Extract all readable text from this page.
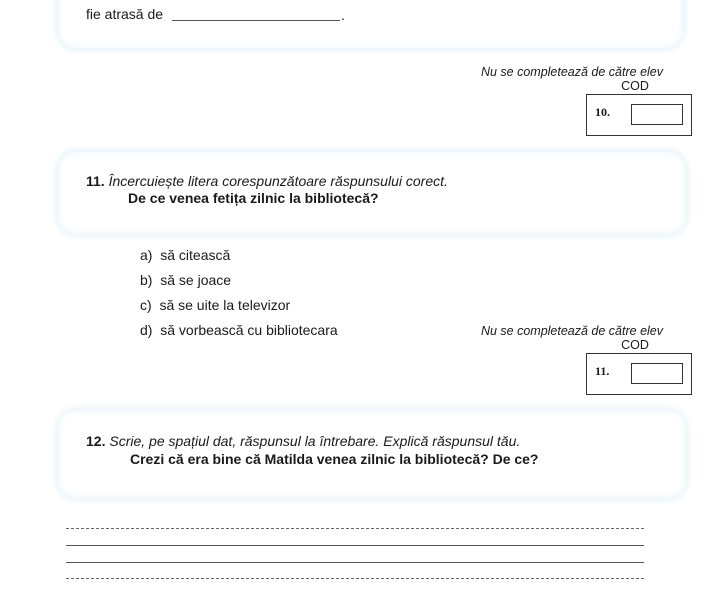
fie atrasă de	.
Nu se completează de către elev
COD
10.
11. Încercuiește litera corespunzătoare răspunsului corect.
De ce venea fetița zilnic la bibliotecă?
a) să citească
b) să se joace
c) să se uite la televizor
d) să vorbească cu bibliotecara	Nu se completează de către elev
COD
11.
12. Scrie, pe spațiul dat, răspunsul la întrebare. Explică răspunsul tău.
Crezi că era bine că Matilda venea zilnic la bibliotecă? De ce?
